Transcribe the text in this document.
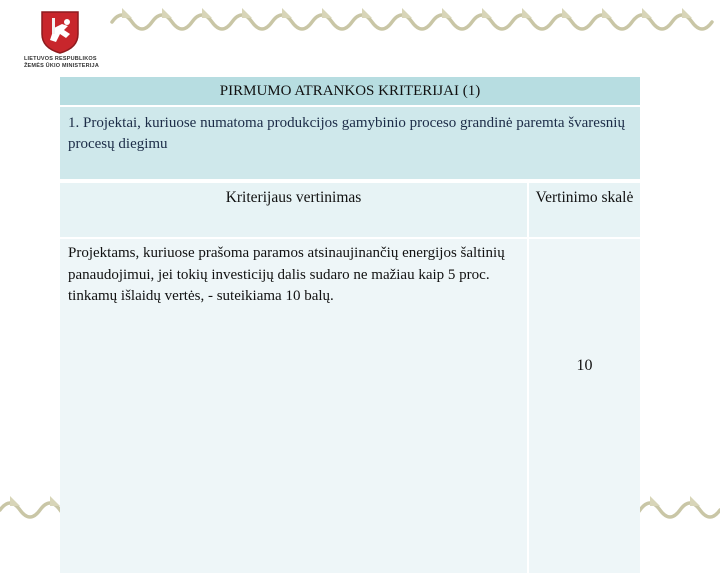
LIETUVOS RESPUBLIKOS
ŽEMĖS ŪKIO MINISTERIJA
PIRMUMO ATRANKOS KRITERIJAI (1)	
1. Projektai, kuriuose numatoma produkcijos gamybinio proceso grandinė paremta švaresnių procesų diegimu	
Kriterijaus vertinimas	Vertinimo skalė
Projektams, kuriuose prašoma paramos atsinaujinančių energijos šaltinių panaudojimui, jei tokių investicijų dalis sudaro ne mažiau kaip 5 proc. tinkamų išlaidų vertės, - suteikiama 10 balų.	10
